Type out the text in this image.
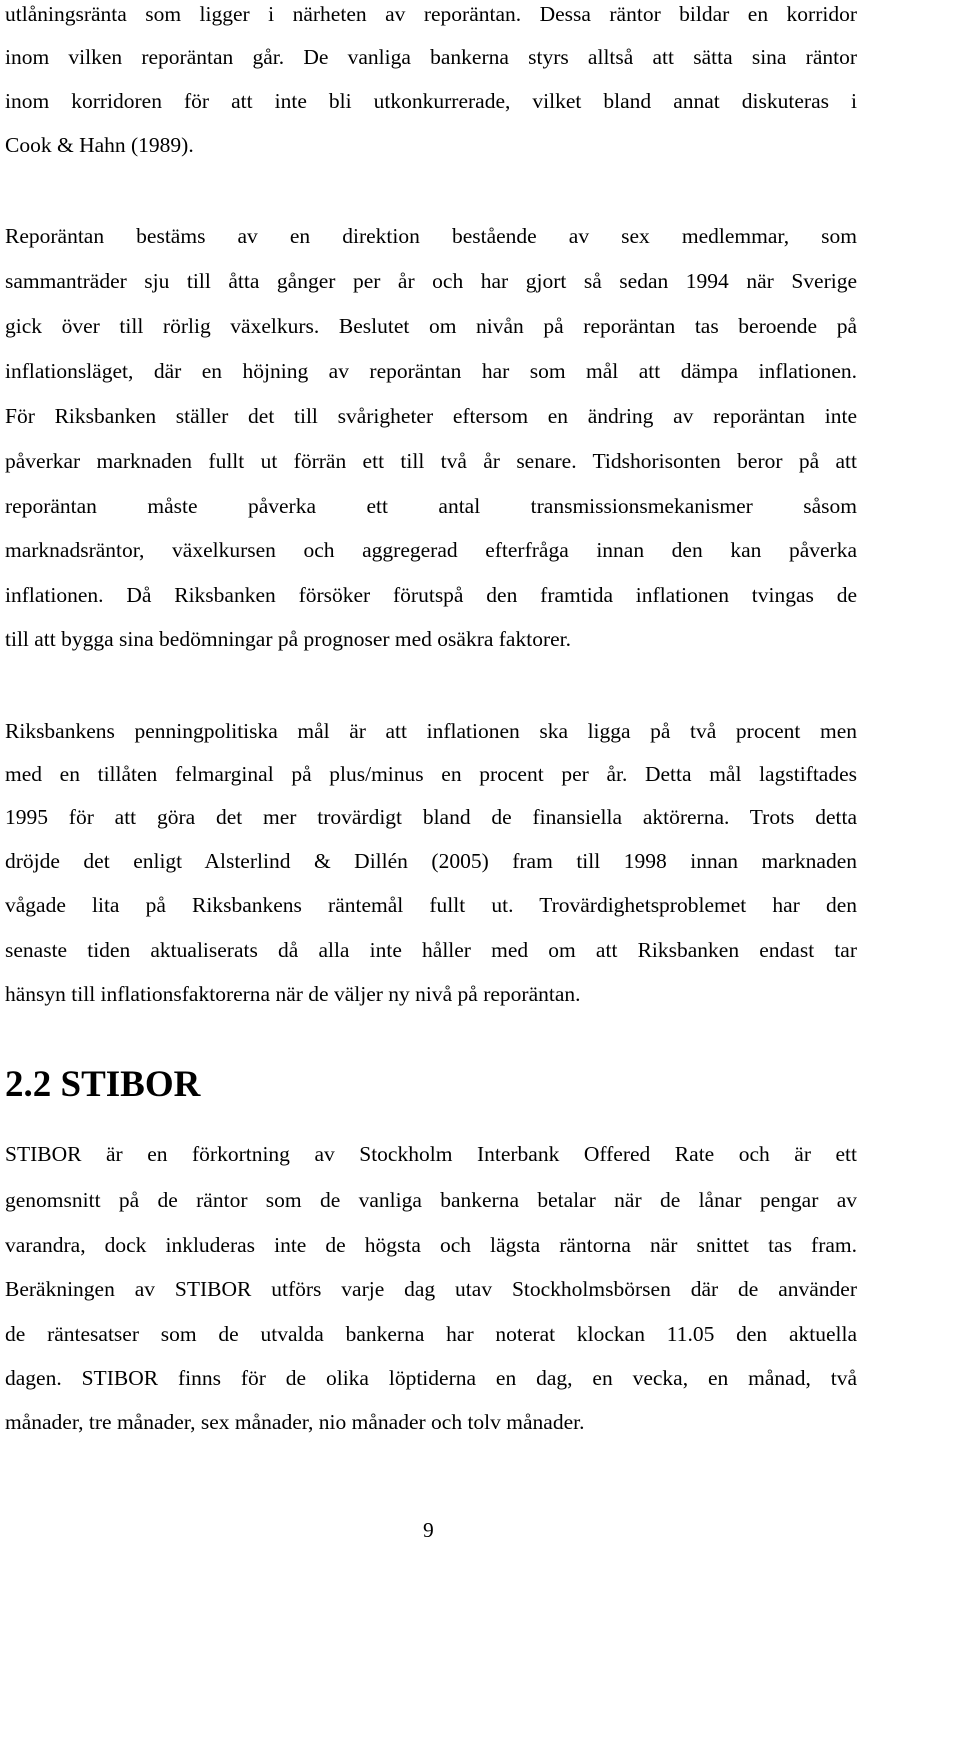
utlåningsränta som ligger i närheten av reporäntan. Dessa räntor bildar en korridor
inom vilken reporäntan går. De vanliga bankerna styrs alltså att sätta sina räntor
inom korridoren för att inte bli utkonkurrerade, vilket bland annat diskuteras i
Cook & Hahn (1989).
Reporäntan bestäms av en direktion bestående av sex medlemmar, som
sammanträder sju till åtta gånger per år och har gjort så sedan 1994 när Sverige
gick över till rörlig växelkurs. Beslutet om nivån på reporäntan tas beroende på
inflationsläget, där en höjning av reporäntan har som mål att dämpa inflationen.
För Riksbanken ställer det till svårigheter eftersom en ändring av reporäntan inte
påverkar marknaden fullt ut förrän ett till två år senare. Tidshorisonten beror på att
reporäntan måste påverka ett antal transmissionsmekanismer såsom
marknadsräntor, växelkursen och aggregerad efterfråga innan den kan påverka
inflationen. Då Riksbanken försöker förutspå den framtida inflationen tvingas de
till att bygga sina bedömningar på prognoser med osäkra faktorer.
Riksbankens penningpolitiska mål är att inflationen ska ligga på två procent men
med en tillåten felmarginal på plus/minus en procent per år. Detta mål lagstiftades
1995 för att göra det mer trovärdigt bland de finansiella aktörerna. Trots detta
dröjde det enligt Alsterlind & Dillén (2005) fram till 1998 innan marknaden
vågade lita på Riksbankens räntemål fullt ut. Trovärdighetsproblemet har den
senaste tiden aktualiserats då alla inte håller med om att Riksbanken endast tar
hänsyn till inflationsfaktorerna när de väljer ny nivå på reporäntan.
2.2 STIBOR
STIBOR är en förkortning av Stockholm Interbank Offered Rate och är ett
genomsnitt på de räntor som de vanliga bankerna betalar när de lånar pengar av
varandra, dock inkluderas inte de högsta och lägsta räntorna när snittet tas fram.
Beräkningen av STIBOR utförs varje dag utav Stockholmsbörsen där de använder
de räntesatser som de utvalda bankerna har noterat klockan 11.05 den aktuella
dagen. STIBOR finns för de olika löptiderna en dag, en vecka, en månad, två
månader, tre månader, sex månader, nio månader och tolv månader.
9
